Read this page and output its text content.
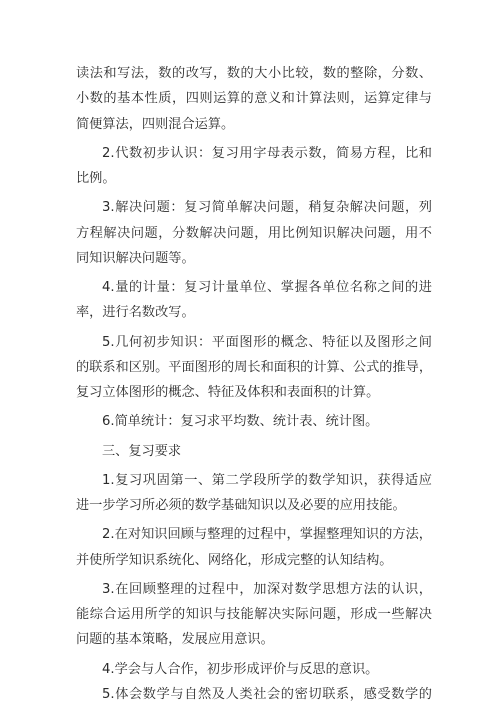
读法和写法，数的改写，数的大小比较，数的整除，分数、
小数的基本性质，四则运算的意义和计算法则，运算定律与
简便算法，四则混合运算。
2.代数初步认识：复习用字母表示数，简易方程，比和
比例。
3.解决问题：复习简单解决问题，稍复杂解决问题，列
方程解决问题，分数解决问题，用比例知识解决问题，用不
同知识解决问题等。
4.量的计量：复习计量单位、掌握各单位名称之间的进
率，进行名数改写。
5.几何初步知识：平面图形的概念、特征以及图形之间
的联系和区别。平面图形的周长和面积的计算、公式的推导，
复习立体图形的概念、特征及体积和表面积的计算。
6.简单统计：复习求平均数、统计表、统计图。
三、复习要求
1.复习巩固第一、第二学段所学的数学知识，获得适应
进一步学习所必须的数学基础知识以及必要的应用技能。
2.在对知识回顾与整理的过程中，掌握整理知识的方法，
并使所学知识系统化、网络化，形成完整的认知结构。
3.在回顾整理的过程中，加深对数学思想方法的认识，
能综合运用所学的知识与技能解决实际问题，形成一些解决
问题的基本策略，发展应用意识。
4.学会与人合作，初步形成评价与反思的意识。
5.体会数学与自然及人类社会的密切联系，感受数学的
